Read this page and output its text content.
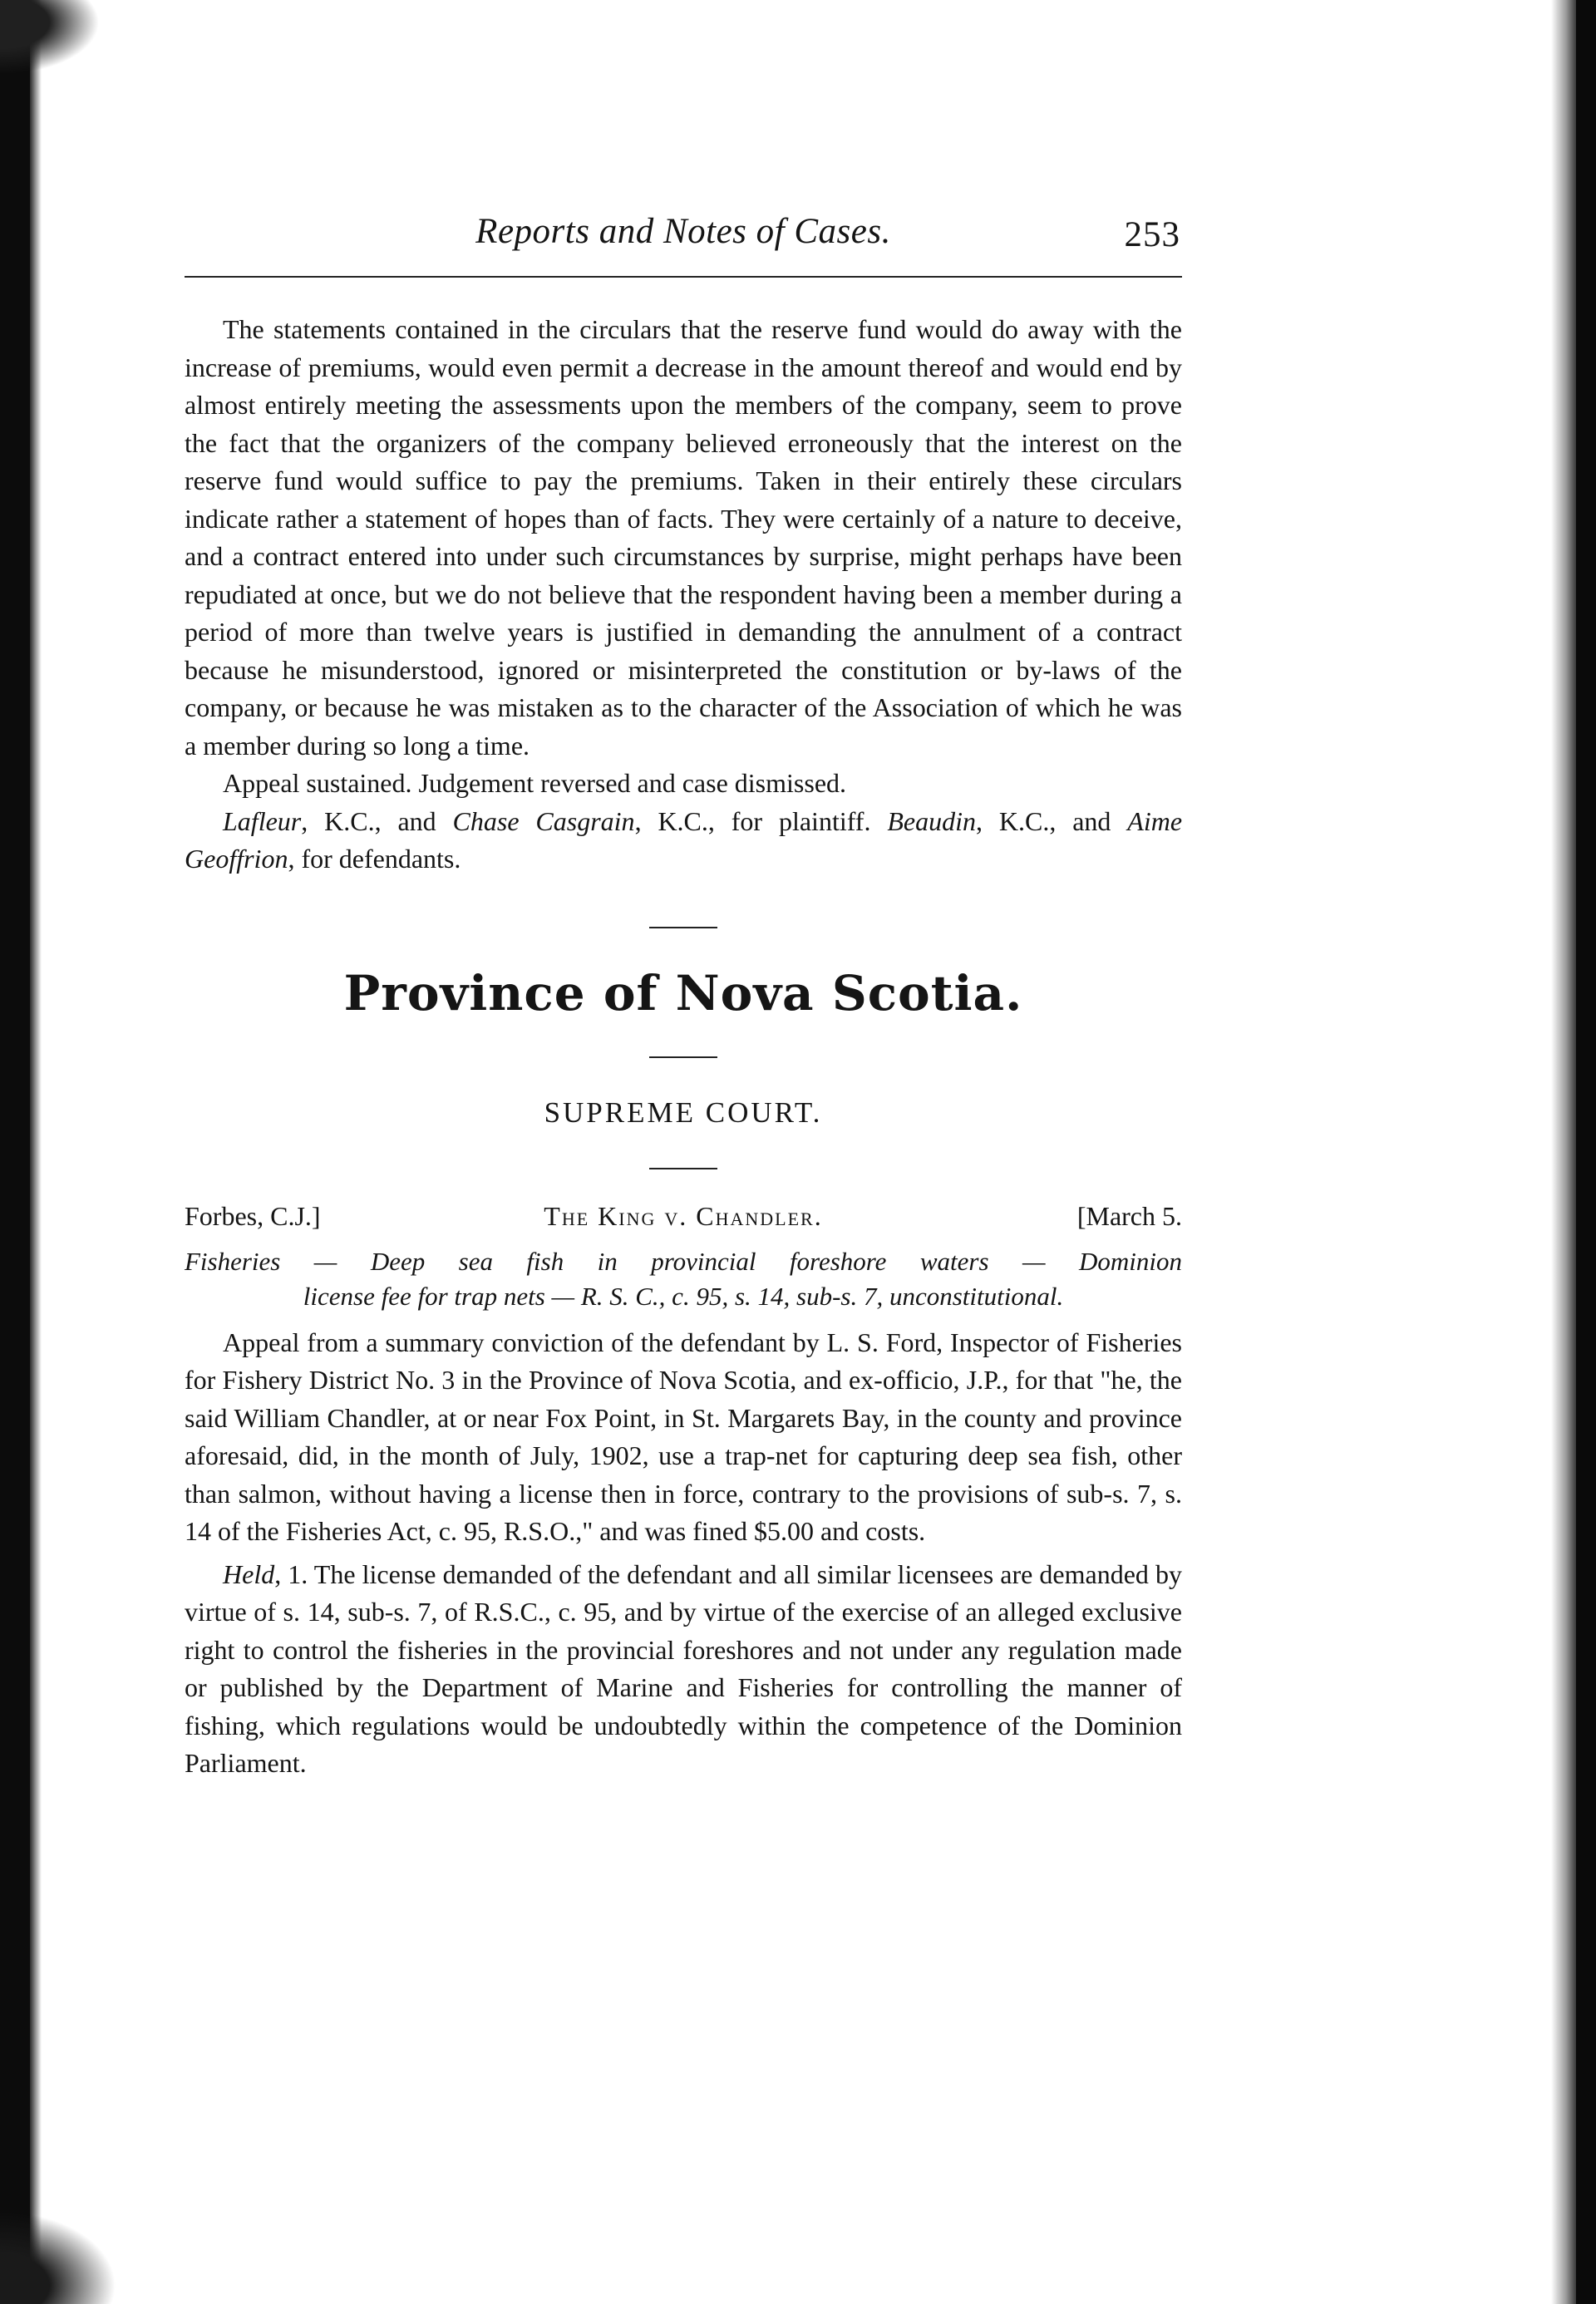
Reports and Notes of Cases.	253

The statements contained in the circulars that the reserve fund would do away with the increase of premiums, would even permit a decrease in the amount thereof and would end by almost entirely meeting the assessments upon the members of the company, seem to prove the fact that the organizers of the company believed erroneously that the interest on the reserve fund would suffice to pay the premiums. Taken in their entirely these circulars indicate rather a statement of hopes than of facts. They were certainly of a nature to deceive, and a contract entered into under such circumstances by surprise, might perhaps have been repudiated at once, but we do not believe that the respondent having been a member during a period of more than twelve years is justified in demanding the annulment of a contract because he misunderstood, ignored or misinterpreted the constitution or by-laws of the company, or because he was mistaken as to the character of the Association of which he was a member during so long a time.

Appeal sustained. Judgement reversed and case dismissed.

Lafleur, K.C., and Chase Casgrain, K.C., for plaintiff. Beaudin, K.C., and Aime Geoffrion, for defendants.

Province of Nova Scotia.
SUPREME COURT.
Forbes, C.J.]	The King v. Chandler.	[March 5.
Fisheries — Deep sea fish in provincial foreshore waters — Dominion
license fee for trap nets — R. S. C., c. 95, s. 14, sub-s. 7, unconstitutional.

Appeal from a summary conviction of the defendant by L. S. Ford, Inspector of Fisheries for Fishery District No. 3 in the Province of Nova Scotia, and ex-officio, J.P., for that "he, the said William Chandler, at or near Fox Point, in St. Margarets Bay, in the county and province aforesaid, did, in the month of July, 1902, use a trap-net for capturing deep sea fish, other than salmon, without having a license then in force, contrary to the provisions of sub-s. 7, s. 14 of the Fisheries Act, c. 95, R.S.O.," and was fined $5.00 and costs.

Held, 1. The license demanded of the defendant and all similar licensees are demanded by virtue of s. 14, sub-s. 7, of R.S.C., c. 95, and by virtue of the exercise of an alleged exclusive right to control the fisheries in the provincial foreshores and not under any regulation made or published by the Department of Marine and Fisheries for controlling the manner of fishing, which regulations would be undoubtedly within the competence of the Dominion Parliament.
